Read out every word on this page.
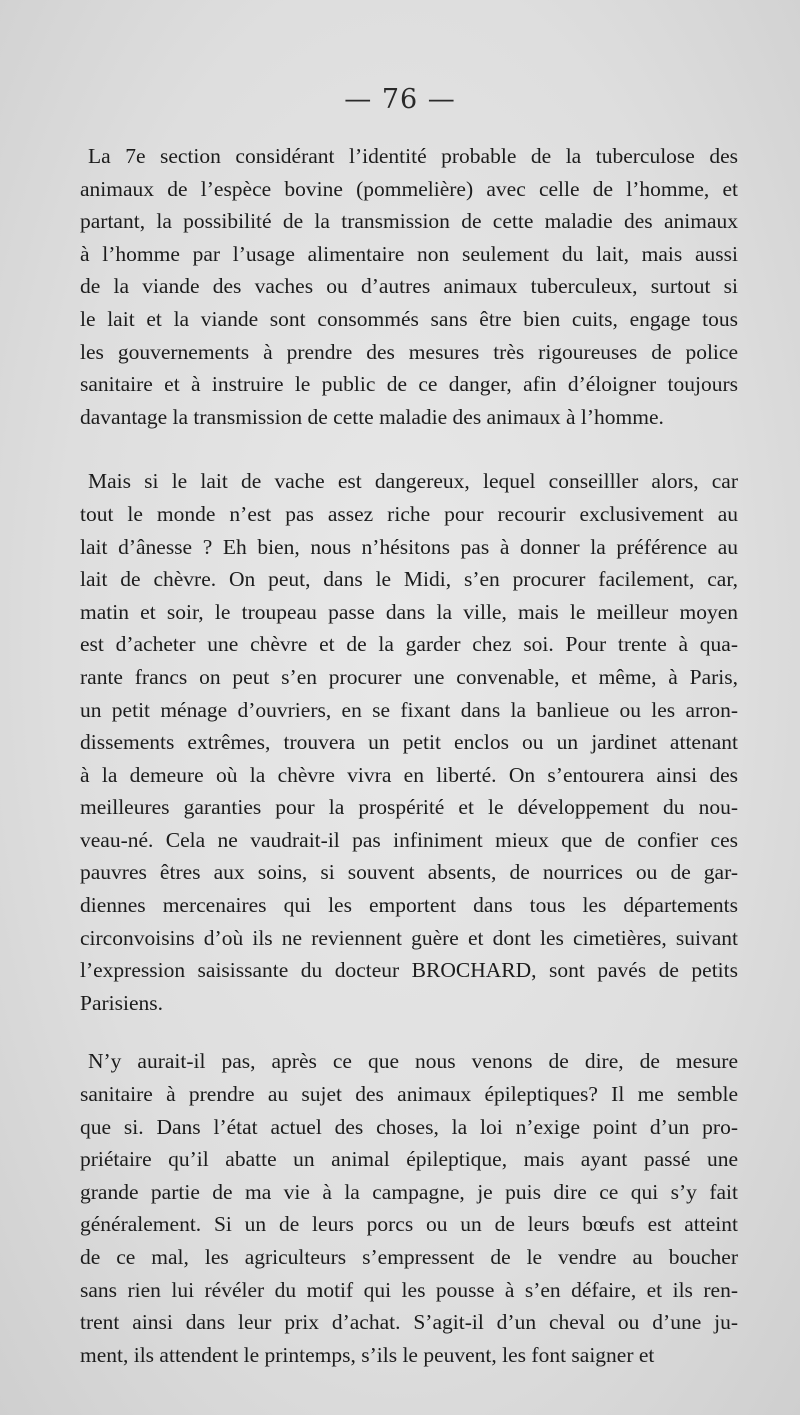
— 76 —
La 7e section considérant l’identité probable de la tuberculose des
animaux de l’espèce bovine (pommelière) avec celle de l’homme, et
partant, la possibilité de la transmission de cette maladie des animaux
à l’homme par l’usage alimentaire non seulement du lait, mais aussi
de la viande des vaches ou d’autres animaux tuberculeux, surtout si
le lait et la viande sont consommés sans être bien cuits, engage tous
les gouvernements à prendre des mesures très rigoureuses de police
sanitaire et à instruire le public de ce danger, afin d’éloigner toujours
davantage la transmission de cette maladie des animaux à l’homme.
Mais si le lait de vache est dangereux, lequel conseilller alors, car
tout le monde n’est pas assez riche pour recourir exclusivement au
lait d’ânesse ? Eh bien, nous n’hésitons pas à donner la préférence au
lait de chèvre. On peut, dans le Midi, s’en procurer facilement, car,
matin et soir, le troupeau passe dans la ville, mais le meilleur moyen
est d’acheter une chèvre et de la garder chez soi. Pour trente à qua-
rante francs on peut s’en procurer une convenable, et même, à Paris,
un petit ménage d’ouvriers, en se fixant dans la banlieue ou les arron-
dissements extrêmes, trouvera un petit enclos ou un jardinet attenant
à la demeure où la chèvre vivra en liberté. On s’entourera ainsi des
meilleures garanties pour la prospérité et le développement du nou-
veau-né. Cela ne vaudrait-il pas infiniment mieux que de confier ces
pauvres êtres aux soins, si souvent absents, de nourrices ou de gar-
diennes mercenaires qui les emportent dans tous les départements
circonvoisins d’où ils ne reviennent guère et dont les cimetières, suivant
l’expression saisissante du docteur BROCHARD, sont pavés de petits
Parisiens.
N’y aurait-il pas, après ce que nous venons de dire, de mesure
sanitaire à prendre au sujet des animaux épileptiques? Il me semble
que si. Dans l’état actuel des choses, la loi n’exige point d’un pro-
priétaire qu’il abatte un animal épileptique, mais ayant passé une
grande partie de ma vie à la campagne, je puis dire ce qui s’y fait
généralement. Si un de leurs porcs ou un de leurs bœufs est atteint
de ce mal, les agriculteurs s’empressent de le vendre au boucher
sans rien lui révéler du motif qui les pousse à s’en défaire, et ils ren-
trent ainsi dans leur prix d’achat. S’agit-il d’un cheval ou d’une ju-
ment, ils attendent le printemps, s’ils le peuvent, les font saigner et
